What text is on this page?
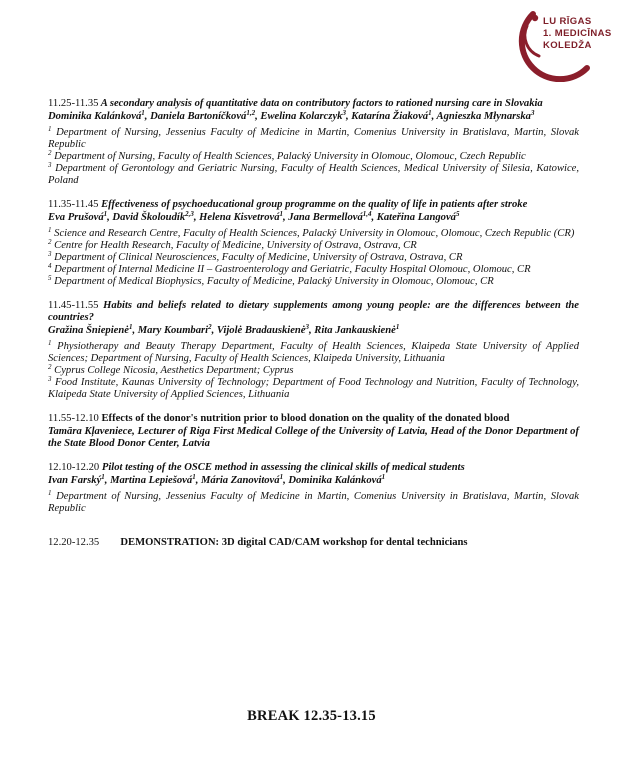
LU RĪGAS
1. MEDICĪNAS
KOLEDŽA
11.25-11.35 A secondary analysis of quantitative data on contributory factors to rationed nursing care in Slovakia
Dominika Kalánková$^1$, Daniela Bartoníčková$^{1,2}$, Ewelina Kolarczyk$^3$, Katarína Žiaková$^1$, Agnieszka Młynarska$^3$
$^1$ Department of Nursing, Jessenius Faculty of Medicine in Martin, Comenius University in Bratislava, Martin, Slovak Republic
$^2$ Department of Nursing, Faculty of Health Sciences, Palacký University in Olomouc, Olomouc, Czech Republic
$^3$ Department of Gerontology and Geriatric Nursing, Faculty of Health Sciences, Medical University of Silesia, Katowice, Poland
11.35-11.45 Effectiveness of psychoeducational group programme on the quality of life in patients after stroke
Eva Prušová$^1$, David Školoudík$^{2,3}$, Helena Kisvetrová$^1$, Jana Bermellová$^{1,4}$, Kateřina Langová$^5$
$^1$ Science and Research Centre, Faculty of Health Sciences, Palacký University in Olomouc, Olomouc, Czech Republic (CR)
$^2$ Centre for Health Research, Faculty of Medicine, University of Ostrava, Ostrava, CR
$^3$ Department of Clinical Neurosciences, Faculty of Medicine, University of Ostrava, Ostrava, CR
$^4$ Department of Internal Medicine II – Gastroenterology and Geriatric, Faculty Hospital Olomouc, Olomouc, CR
$^5$ Department of Medical Biophysics, Faculty of Medicine, Palacký University in Olomouc, Olomouc, CR
11.45-11.55 Habits and beliefs related to dietary supplements among young people: are the differences between the countries?
Gražina Šniepienė$^1$, Mary Koumbari$^2$, Vijolė Bradauskienė$^3$, Rita Jankauskienė$^1$
$^1$ Physiotherapy and Beauty Therapy Department, Faculty of Health Sciences, Klaipeda State University of Applied Sciences; Department of Nursing, Faculty of Health Sciences, Klaipeda University, Lithuania
$^2$ Cyprus College Nicosia, Aesthetics Department; Cyprus
$^3$ Food Institute, Kaunas University of Technology; Department of Food Technology and Nutrition, Faculty of Technology, Klaipeda State University of Applied Sciences, Lithuania
11.55-12.10 Effects of the donor's nutrition prior to blood donation on the quality of the donated blood
Tamāra Kļaveniece, Lecturer of Riga First Medical College of the University of Latvia, Head of the Donor Department of the State Blood Donor Center, Latvia
12.10-12.20 Pilot testing of the OSCE method in assessing the clinical skills of medical students
Ivan Farský$^1$, Martina Lepiešová$^1$, Mária Zanovitová$^1$, Dominika Kalánková$^1$
$^1$ Department of Nursing, Jessenius Faculty of Medicine in Martin, Comenius University in Bratislava, Martin, Slovak Republic
12.20-12.35 DEMONSTRATION: 3D digital CAD/CAM workshop for dental technicians
BREAK 12.35-13.15
